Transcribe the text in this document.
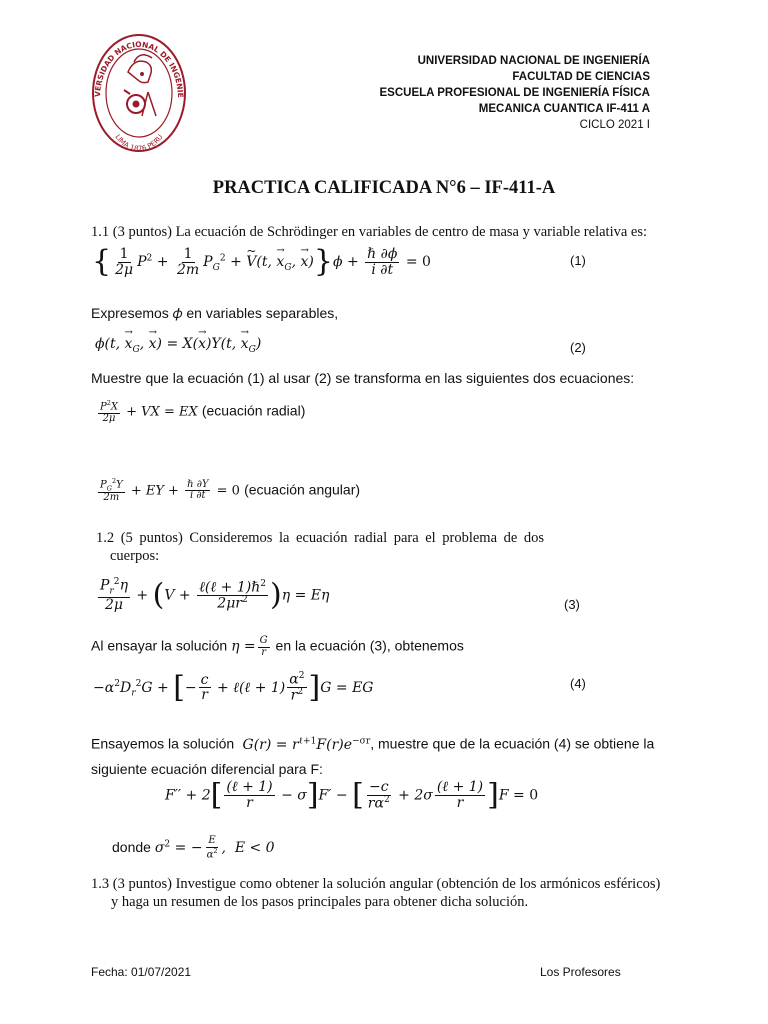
VERSIDAD NACIONAL DE INGENIE
LIMA 1876 PERU
UNIVERSIDAD NACIONAL DE INGENIERÍA
FACULTAD DE CIENCIAS
ESCUELA PROFESIONAL DE INGENIERÍA FÍSICA
MECANICA CUANTICA IF-411 A
CICLO 2021 I
PRACTICA CALIFICADA N°6 – IF-411-A
1.1 (3 puntos) La ecuación de Schrödinger en variables de centro de masa y variable relativa es:
{ $\frac{1}{2\mu} P^2 + \frac{1}{2m} P_G^2$ + ~ V(t, → $x_G$, → $x)\}\phi + \frac{\text{ℏ ∂ϕ}}{i \partial t} = 0$	(1)
Expresemos 𝜙 en variables separables,
ϕ(t, → $x_G$, → x) = X(→ x)Y(t, → $x_G$)	(2)
Muestre que la ecuación (1) al usar (2) se transforma en las siguientes dos ecuaciones:
$\frac{P^2X}{2\mu}$ + VX = EX (ecuación radial)
$\frac{P_G^2Y}{2m}$ + EY + $\frac{\text{ℏ ∂Y}}{i \partial t} = 0$ (ecuación angular)
1.2 (5 puntos) Consideremos la ecuación radial para el problema de dos
cuerpos:
$\frac{P_r^2\eta}{2\mu} + (V + \frac{\ell(\ell + 1)\hbar^2}{2\mu r^2} )\eta = E\eta$
(3)
Al ensayar la solución $\eta = \frac{G}{r}$ en la ecuación (3), obtenemos
$-\alpha^2D_r^2G$ + [− $\frac{c}{r}$ + ℓ(ℓ + $1) \frac{\alpha^2}{r^2} ]G$ = EG	(4)
Ensayemos la solución  $G(r) = r^{\ell+1}F(r)e^{-\sigma r}$, muestre que de la ecuación (4) se obtiene la
siguiente ecuación diferencial para F:
$F'' + 2[ \frac{\text{(ℓ + 1)}}{r} - \sigma]F'$ − [ $\frac{-c}{r\alpha^2} + 2\sigma \frac{\text{(ℓ + 1)}}{r} ]F = 0$
donde $\sigma^2$ = − $\frac{E}{\alpha^2}$ ,  E < 0
1.3 (3 puntos) Investigue como obtener la solución angular (obtención de los armónicos esféricos)
y haga un resumen de los pasos principales para obtener dicha solución.
Fecha: 01/07/2021	Los Profesores
